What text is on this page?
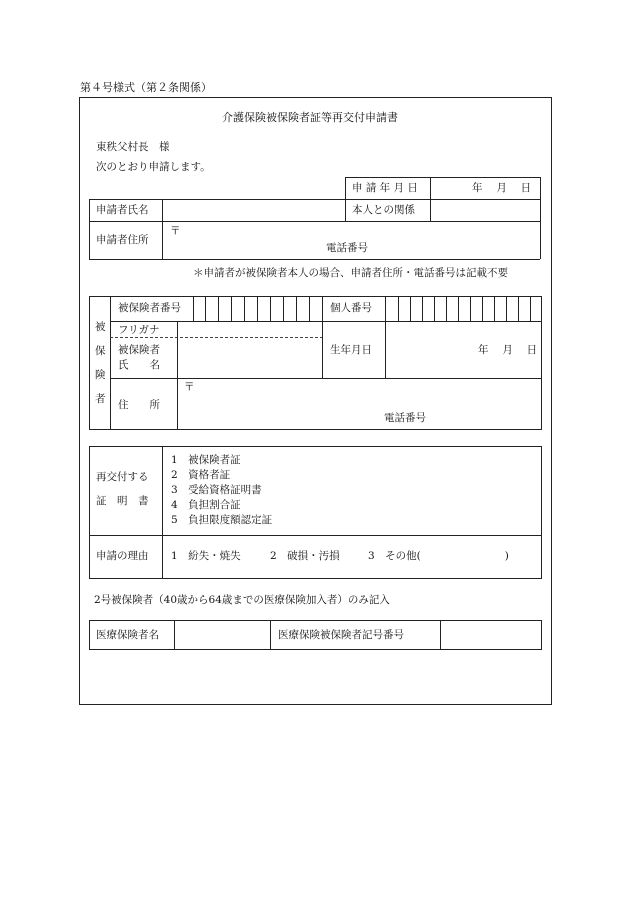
第４号様式（第２条関係）
介護保険被保険者証等再交付申請書
東秩父村長　様
次のとおり申請します。
申 請 年 月 日	年　 月 　日
申請者氏名	本人との関係
申請者住所
〒
電話番号
＊申請者が被保険者本人の場合、申請者住所・電話番号は記載不要
被
保
険
者
被保険者番号	個人番号
フリガナ
被保険者
氏　　名
生年月日	年　 月 　日
住　　所
〒
電話番号
再交付する
証　明　書
1　被保険者証
2　資格者証
3　受給資格証明書
4　負担割合証
5　負担限度額認定証
申請の理由 1　紛失・焼失	2　破損・汚損	3　その他(　　　　　　　　)
2号被保険者（40歳から64歳までの医療保険加入者）のみ記入
医療保険者名	医療保険被保険者記号番号
